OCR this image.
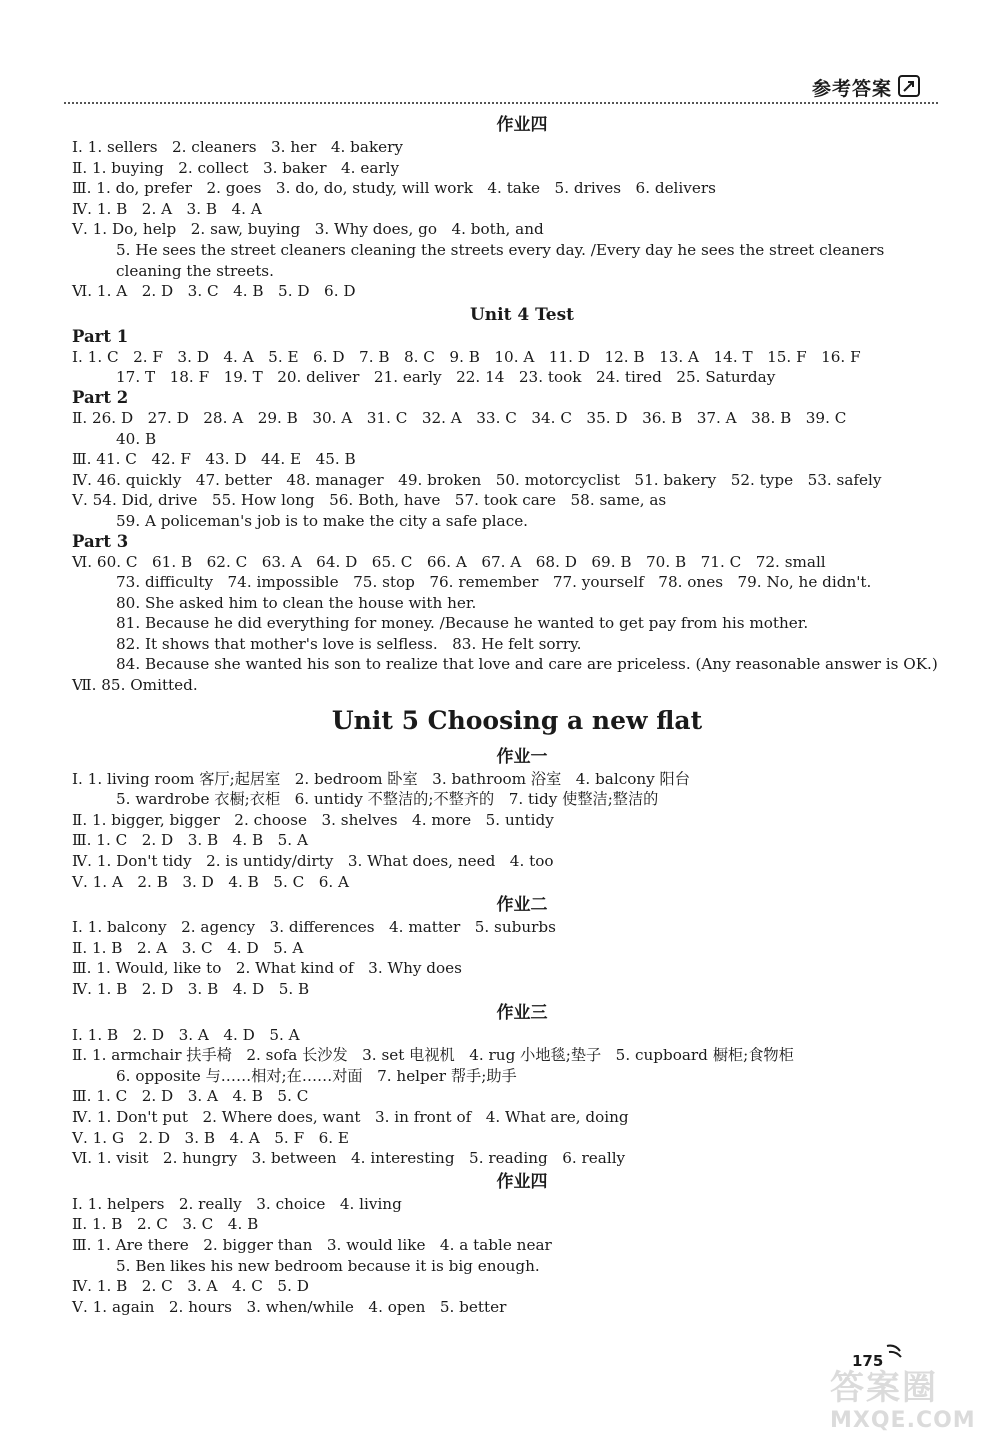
参考答案
作业四
Ⅰ. 1. sellers   2. cleaners   3. her   4. bakery
Ⅱ. 1. buying   2. collect   3. baker   4. early
Ⅲ. 1. do, prefer   2. goes   3. do, do, study, will work   4. take   5. drives   6. delivers
Ⅳ. 1. B   2. A   3. B   4. A
Ⅴ. 1. Do, help   2. saw, buying   3. Why does, go   4. both, and
5. He sees the street cleaners cleaning the streets every day. /Every day he sees the street cleaners cleaning the streets.
Ⅵ. 1. A   2. D   3. C   4. B   5. D   6. D
Unit 4 Test
Part 1
Ⅰ. 1. C   2. F   3. D   4. A   5. E   6. D   7. B   8. C   9. B   10. A   11. D   12. B   13. A   14. T   15. F   16. F
17. T   18. F   19. T   20. deliver   21. early   22. 14   23. took   24. tired   25. Saturday
Part 2
Ⅱ. 26. D   27. D   28. A   29. B   30. A   31. C   32. A   33. C   34. C   35. D   36. B   37. A   38. B   39. C
40. B
Ⅲ. 41. C   42. F   43. D   44. E   45. B
Ⅳ. 46. quickly   47. better   48. manager   49. broken   50. motorcyclist   51. bakery   52. type   53. safely
Ⅴ. 54. Did, drive   55. How long   56. Both, have   57. took care   58. same, as
59. A policeman's job is to make the city a safe place.
Part 3
Ⅵ. 60. C   61. B   62. C   63. A   64. D   65. C   66. A   67. A   68. D   69. B   70. B   71. C   72. small
73. difficulty   74. impossible   75. stop   76. remember   77. yourself   78. ones   79. No, he didn't.
80. She asked him to clean the house with her.
81. Because he did everything for money. /Because he wanted to get pay from his mother.
82. It shows that mother's love is selfless.   83. He felt sorry.
84. Because she wanted his son to realize that love and care are priceless. (Any reasonable answer is OK.)
Ⅶ. 85. Omitted.
Unit 5 Choosing a new flat
作业一
Ⅰ. 1. living room 客厅;起居室   2. bedroom 卧室   3. bathroom 浴室   4. balcony 阳台
5. wardrobe 衣橱;衣柜   6. untidy 不整洁的;不整齐的   7. tidy 使整洁;整洁的
Ⅱ. 1. bigger, bigger   2. choose   3. shelves   4. more   5. untidy
Ⅲ. 1. C   2. D   3. B   4. B   5. A
Ⅳ. 1. Don't tidy   2. is untidy/dirty   3. What does, need   4. too
Ⅴ. 1. A   2. B   3. D   4. B   5. C   6. A
作业二
Ⅰ. 1. balcony   2. agency   3. differences   4. matter   5. suburbs
Ⅱ. 1. B   2. A   3. C   4. D   5. A
Ⅲ. 1. Would, like to   2. What kind of   3. Why does
Ⅳ. 1. B   2. D   3. B   4. D   5. B
作业三
Ⅰ. 1. B   2. D   3. A   4. D   5. A
Ⅱ. 1. armchair 扶手椅   2. sofa 长沙发   3. set 电视机   4. rug 小地毯;垫子   5. cupboard 橱柜;食物柜
6. opposite 与……相对;在……对面   7. helper 帮手;助手
Ⅲ. 1. C   2. D   3. A   4. B   5. C
Ⅳ. 1. Don't put   2. Where does, want   3. in front of   4. What are, doing
Ⅴ. 1. G   2. D   3. B   4. A   5. F   6. E
Ⅵ. 1. visit   2. hungry   3. between   4. interesting   5. reading   6. really
作业四
Ⅰ. 1. helpers   2. really   3. choice   4. living
Ⅱ. 1. B   2. C   3. C   4. B
Ⅲ. 1. Are there   2. bigger than   3. would like   4. a table near
5. Ben likes his new bedroom because it is big enough.
Ⅳ. 1. B   2. C   3. A   4. C   5. D
Ⅴ. 1. again   2. hours   3. when/while   4. open   5. better
175
答案圈
MXQE.COM
